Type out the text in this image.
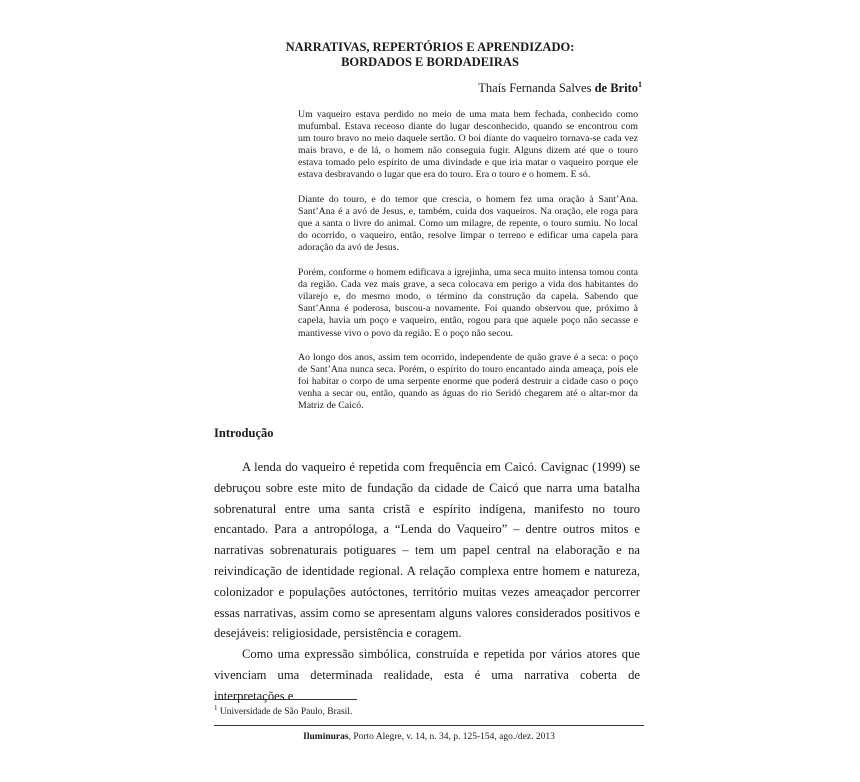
NARRATIVAS, REPERTÓRIOS E APRENDIZADO:
BORDADOS E BORDADEIRAS
Thaís Fernanda Salves de Brito$^1$

Um vaqueiro estava perdido no meio de uma mata bem fechada, conhecido como mufumbal. Estava receoso diante do lugar desconhecido, quando se encontrou com um touro bravo no meio daquele sertão. O boi diante do vaqueiro tornava-se cada vez mais bravo, e de lá, o homem não conseguia fugir. Alguns dizem até que o touro estava tomado pelo espírito de uma divindade e que iria matar o vaqueiro porque ele estava desbravando o lugar que era do touro. Era o touro e o homem. E só.

Diante do touro, e do temor que crescia, o homem fez uma oração à Sant’Ana. Sant’Ana é a avó de Jesus, e, também, cuida dos vaqueiros. Na oração, ele roga para que a santa o livre do animal. Como um milagre, de repente, o touro sumiu. No local do ocorrido, o vaqueiro, então, resolve limpar o terreno e edificar uma capela para adoração da avó de Jesus.

Porém, conforme o homem edificava a igrejinha, uma seca muito intensa tomou conta da região. Cada vez mais grave, a seca colocava em perigo a vida dos habitantes do vilarejo e, do mesmo modo, o término da construção da capela. Sabendo que Sant’Anna é poderosa, buscou-a novamente. Foi quando observou que, próximo à capela, havia um poço e vaqueiro, então, rogou para que aquele poço não secasse e mantivesse vivo o povo da região. E o poço não secou.

Ao longo dos anos, assim tem ocorrido, independente de quão grave é a seca: o poço de Sant’Ana nunca seca. Porém, o espírito do touro encantado ainda ameaça, pois ele foi habitar o corpo de uma serpente enorme que poderá destruir a cidade caso o poço venha a secar ou, então, quando as águas do rio Seridó chegarem até o altar-mor da Matriz de Caicó.

Introdução

A lenda do vaqueiro é repetida com frequência em Caicó. Cavignac (1999) se debruçou sobre este mito de fundação da cidade de Caicó que narra uma batalha sobrenatural entre uma santa cristã e espírito indígena, manifesto no touro encantado. Para a antropóloga, a “Lenda do Vaqueiro” – dentre outros mitos e narrativas sobrenaturais potiguares – tem um papel central na elaboração e na reivindicação de identidade regional. A relação complexa entre homem e natureza, colonizador e populações autóctones, território muitas vezes ameaçador percorrer essas narrativas, assim como se apresentam alguns valores considerados positivos e desejáveis: religiosidade, persistência e coragem.

Como uma expressão simbólica, construída e repetida por vários atores que vivenciam uma determinada realidade, esta é uma narrativa coberta de interpretações e

$^1$ Universidade de São Paulo, Brasil.
Iluminuras, Porto Alegre, v. 14, n. 34, p. 125-154, ago./dez. 2013
